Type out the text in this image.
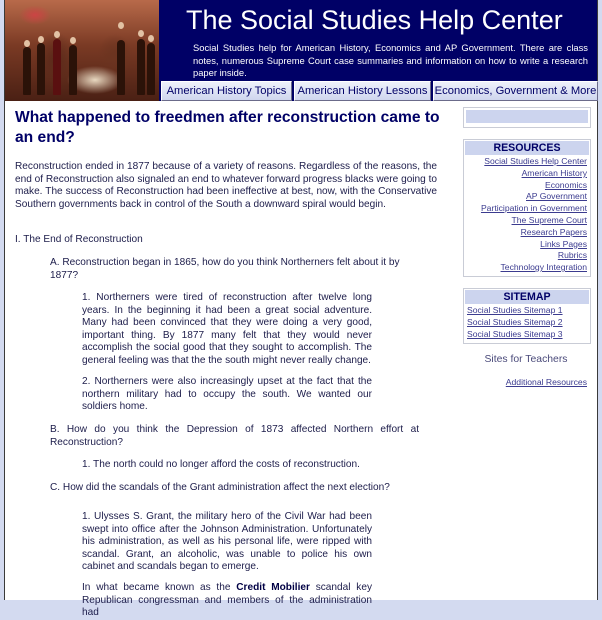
The Social Studies Help Center
Social Studies help for American History, Economics and AP Government. There are class notes, numerous Supreme Court case summaries and information on how to write a research paper inside.
American History Topics American History Lessons Economics, Government & More
What happened to freedmen after reconstruction came to an end?
Reconstruction ended in 1877 because of a variety of reasons. Regardless of the reasons, the end of Reconstruction also signaled an end to whatever forward progress blacks were going to make. The success of Reconstruction had been ineffective at best, now, with the Conservative Southern governments back in control of the South a downward spiral would begin.
I. The End of Reconstruction
A. Reconstruction began in 1865, how do you think Northerners felt about it by 1877?
1. Northerners were tired of reconstruction after twelve long years. In the beginning it had been a great social adventure. Many had been convinced that they were doing a very good, important thing. By 1877 many felt that they would never accomplish the social good that they sought to accomplish. The general feeling was that the the south might never really change.
2. Northerners were also increasingly upset at the fact that the northern military had to occupy the south. We wanted our soldiers home.
B. How do you think the Depression of 1873 affected Northern effort at Reconstruction?
1. The north could no longer afford the costs of reconstruction.
C. How did the scandals of the Grant administration affect the next election?
1. Ulysses S. Grant, the military hero of the Civil War had been swept into office after the Johnson Administration. Unfortunately his administration, as well as his personal life, were ripped with scandal. Grant, an alcoholic, was unable to police his own cabinet and scandals began to emerge.
In what became known as the Credit Mobilier scandal key Republican congressman and members of the administration had
RESOURCES
Social Studies Help Center
American History
Economics
AP Government
Participation in Government
The Supreme Court
Research Papers
Links Pages
Rubrics
Technology Integration
SITEMAP
Social Studies Sitemap 1
Social Studies Sitemap 2
Social Studies Sitemap 3
Sites for Teachers
Additional Resources
